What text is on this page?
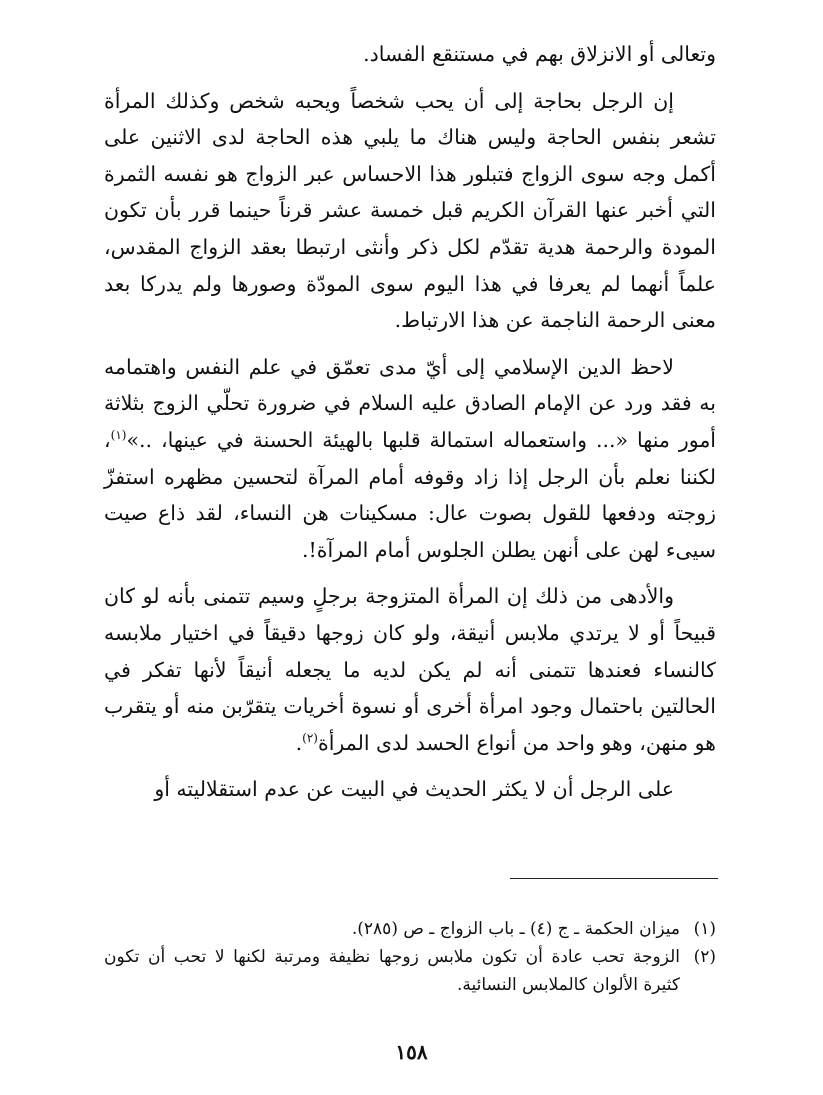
وتعالى أو الانزلاق بهم في مستنقع الفساد.

إن الرجل بحاجة إلى أن يحب شخصاً ويحبه شخص وكذلك المرأة تشعر بنفس الحاجة وليس هناك ما يلبي هذه الحاجة لدى الاثنين على أكمل وجه سوى الزواج فتبلور هذا الاحساس عبر الزواج هو نفسه الثمرة التي أخبر عنها القرآن الكريم قبل خمسة عشر قرناً حينما قرر بأن تكون المودة والرحمة هدية تقدّم لكل ذكر وأنثى ارتبطا بعقد الزواج المقدس، علماً أنهما لم يعرفا في هذا اليوم سوى المودّة وصورها ولم يدركا بعد معنى الرحمة الناجمة عن هذا الارتباط.

لاحظ الدين الإسلامي إلى أيّ مدى تعمّق في علم النفس واهتمامه به فقد ورد عن الإمام الصادق عليه السلام في ضرورة تحلّي الزوج بثلاثة أمور منها «... واستعماله استمالة قلبها بالهيئة الحسنة في عينها، ..»$^{(١)}$، لكننا نعلم بأن الرجل إذا زاد وقوفه أمام المرآة لتحسين مظهره استفزّ زوجته ودفعها للقول بصوت عال: مسكينات هن النساء، لقد ذاع صيت سيىء لهن على أنهن يطلن الجلوس أمام المرآة!.

والأدهى من ذلك إن المرأة المتزوجة برجلٍ وسيم تتمنى بأنه لو كان قبيحاً أو لا يرتدي ملابس أنيقة، ولو كان زوجها دقيقاً في اختيار ملابسه كالنساء فعندها تتمنى أنه لم يكن لديه ما يجعله أنيقاً لأنها تفكر في الحالتين باحتمال وجود امرأة أخرى أو نسوة أخريات يتقرّبن منه أو يتقرب هو منهن، وهو واحد من أنواع الحسد لدى المرأة$^{(٢)}$.

على الرجل أن لا يكثر الحديث في البيت عن عدم استقلاليته أو

(١)
ميزان الحكمة ـ ج (٤) ـ باب الزواج ـ ص (٢٨٥).
(٢)
الزوجة تحب عادة أن تكون ملابس زوجها نظيفة ومرتبة لكنها لا تحب أن تكون كثيرة الألوان كالملابس النسائية.
١٥٨
